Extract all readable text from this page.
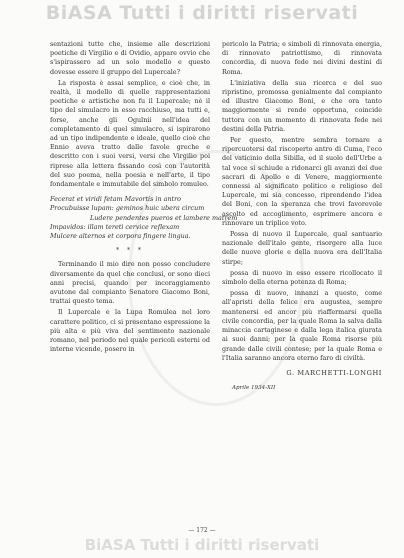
BiASA Tutti i diritti riservati

sentazioni tutte che, insieme alle descrizioni poetiche di Virgilio e di Ovidio, appare ovvio che s'ispirassero ad un solo modello e questo dovesse essere il gruppo del Lupercale?

La risposta è assai semplice, e cioè che, in realtà, il modello di quelle rappresentazioni poetiche e artistiche non fu il Lupercale; nè il tipo del simulacro in esso racchiuso, ma tutti e, forse, anche gli Ogulnii nell'idea del completamento di quel simulacro, si ispirarono ad un tipo indipendente e ideale, quello cioè che Ennio aveva tratto dalle favole greche e descritto con i suoi versi, versi che Virgilio poi riprese alla lettera fissando così con l'autorità del suo poema, nella poesia e nell'arte, il tipo fondamentale e immutabile del simbolo romuleo.

Fecerat et viridi fetam Mavortis in antro
Procubuisse lupam: geminos huic ubera circum
Ludere pendentes pueros et lambere matrem
Impavidos: illam tereti cervice reflexam
Mulcere alternos et corpora fingere lingua.
* * *

Terminando il mio dire non posso concludere diversamente da quel che conclusi, or sono dieci anni precisi, quando per incoraggiamento avutone dal compianto Senatore Giacomo Boni, trattai questo tema.

Il Lupercale e la Lupa Romulea nel loro carattere politico, ci si presentano espressione la più alta e più viva del sentimento nazionale romano, nel periodo nel quale pericoli esterni od interne vicende, posero in

pericolo la Patria; e simboli di rinnovata energia, di rinnovato patriottismo, di rinnovata concordia, di nuova fede nei divini destini di Roma.

L'iniziativa della sua ricerca e del suo ripristino, promossa genialmente dal compianto ed illustre Giacomo Boni, e che ora tanto maggiormente si rende opportuna, coincide tuttora con un momento di rinnovata fede nei destini della Patria.

Per questo, mentre sembra tornare a ripercuotersi dal riscoperto antro di Cuma, l'eco del vaticinio della Sibilla, ed il suolo dell'Urbe a tal voce si schiude a ridonarci gli avanzi dei due sacrari di Apollo e di Venere, maggiormente connessi al significato politico e religioso del Lupercale, mi sia concesso, riprendendo l'idea del Boni, con la speranza che trovi favorevole ascolto ed accoglimento, esprimere ancora e rinnovare un triplice voto.

Possa di nuovo il Lupercale, qual santuario nazionale dell'italo gente, risorgere alla luce delle nuove glorie e della nuova era dell'Italia stirpe;

possa di nuovo in esso essere ricollocato il simbolo della eterna potenza di Roma;

possa di nuovo, innanzi a questo, come all'apristi della felice era augustea, sempre mantenersi ed ancor più riaffermarsi quella civile concordia, per la quale Roma la salva dalla minaccia cartaginese e dalla lega italica giurata ai suoi danni; per la quale Roma risorse più grande dalle civili contese; per la quale Roma e l'Italia saranno ancora eterno faro di civiltà.

G. MARCHETTI-LONGHI
Aprile 1934-XII
— 172 —
BiASA Tutti i diritti riservati
